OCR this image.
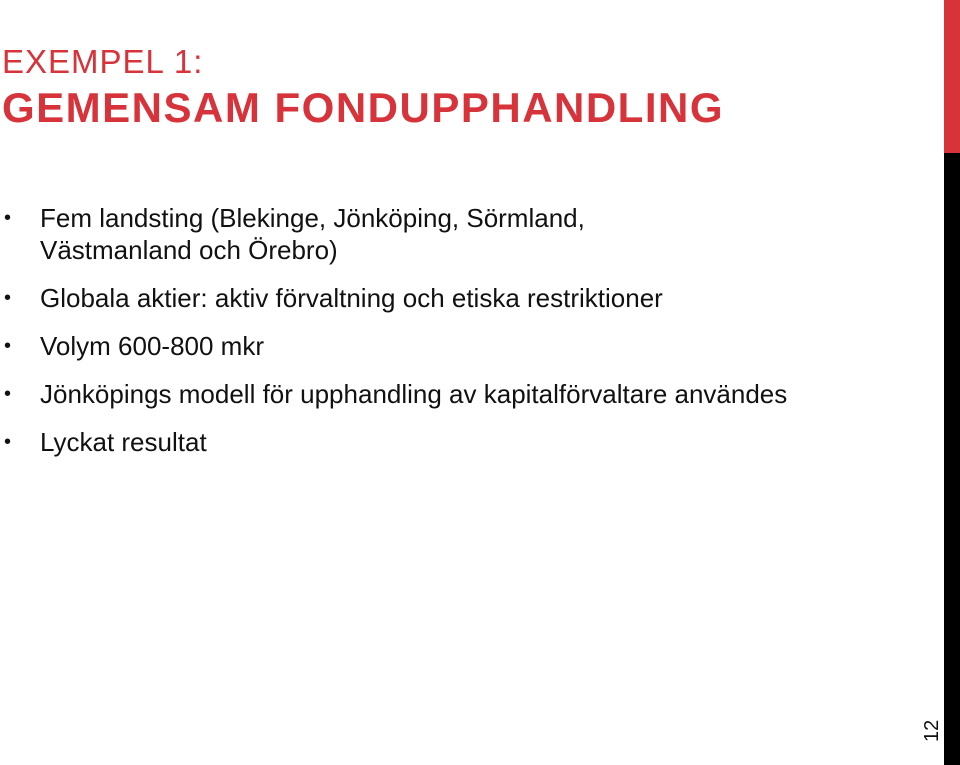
EXEMPEL 1:
GEMENSAM FONDUPPHANDLING
• Fem landsting (Blekinge, Jönköping, Sörmland, Västmanland och Örebro)
• Globala aktier: aktiv förvaltning och etiska restriktioner
• Volym 600-800 mkr
• Jönköpings modell för upphandling av kapitalförvaltare användes
• Lyckat resultat
12
